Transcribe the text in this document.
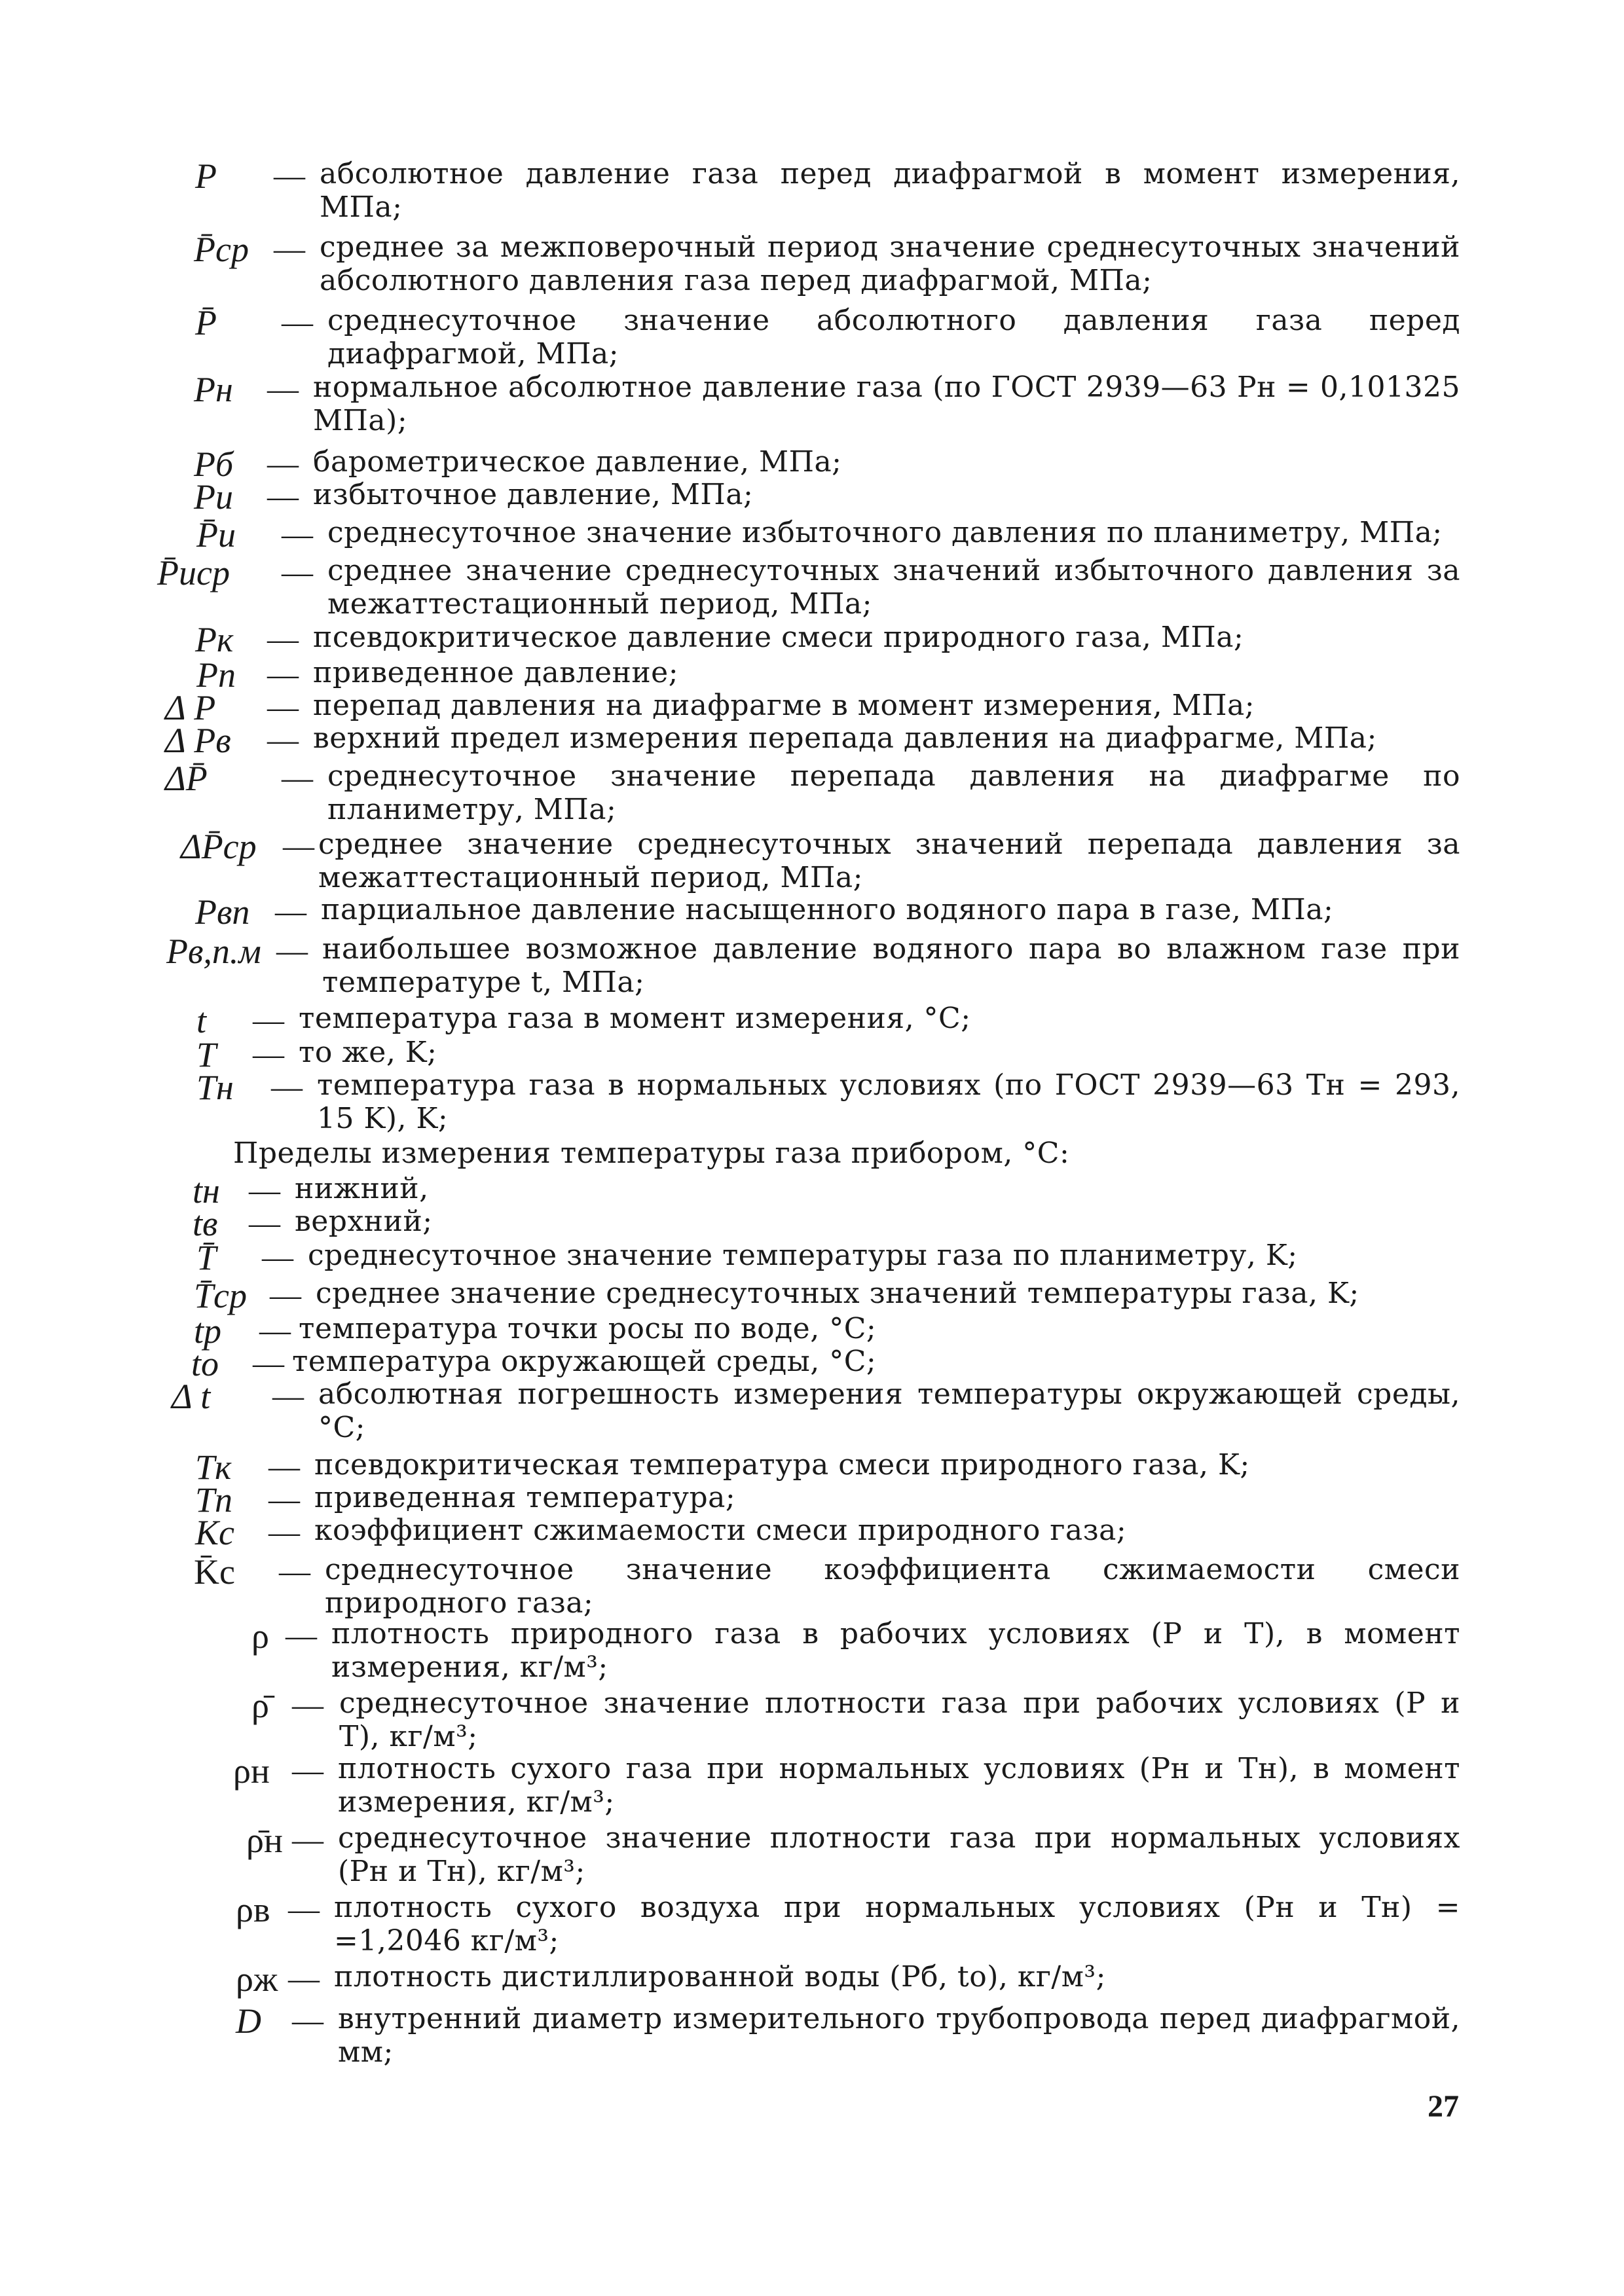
P — абсолютное давление газа перед диафрагмой в момент измерения, МПа;
P̄ср — среднее за межповерочный период значение среднесуточных значений абсолютного давления газа перед диафрагмой, МПа;
P̄ — среднесуточное значение абсолютного давления газа перед диафрагмой, МПа;
Pн — нормальное абсолютное давление газа (по ГОСТ 2939—63 Pн = 0,101325 МПа);
Pб — барометрическое давление, МПа;
Pи — избыточное давление, МПа;
P̄и — среднесуточное значение избыточного давления по планиметру, МПа;
P̄иср — среднее значение среднесуточных значений избыточного давления за межаттестационный период, МПа;
Pк — псевдокритическое давление смеси природного газа, МПа;
Pп — приведенное давление;
Δ P — перепад давления на диафрагме в момент измерения, МПа;
Δ Pв — верхний предел измерения перепада давления на диафрагме, МПа;
ΔP̄ — среднесуточное значение перепада давления на диафрагме по планиметру, МПа;
ΔP̄ср — среднее значение среднесуточных значений перепада давления за межаттестационный период, МПа;
Pвп — парциальное давление насыщенного водяного пара в газе, МПа;
Pв,п.м — наибольшее возможное давление водяного пара во влажном газе при температуре t, МПа;
t — температура газа в момент измерения, °С;
T — то же, K;
Tн — температура газа в нормальных условиях (по ГОСТ 2939—63 Tн = 293, 15 K), K;
Пределы измерения температуры газа прибором, °С:
tн — нижний,
tв — верхний;
T̄ — среднесуточное значение температуры газа по планиметру, K;
T̄ср — среднее значение среднесуточных значений температуры газа, K;
tр — температура точки росы по воде, °С;
tо — температура окружающей среды, °С;
Δ t — абсолютная погрешность измерения температуры окружающей среды, °С;
Tк — псевдокритическая температура смеси природного газа, K;
Tп — приведенная температура;
Kс — коэффициент сжимаемости смеси природного газа;
K̄с — среднесуточное значение коэффициента сжимаемости смеси природного газа;
ρ — плотность природного газа в рабочих условиях (P и T), в момент измерения, кг/м³;
ρ̄ — среднесуточное значение плотности газа при рабочих условиях (P и T), кг/м³;
ρн — плотность сухого газа при нормальных условиях (Pн и Tн), в момент измерения, кг/м³;
ρ̄н — среднесуточное значение плотности газа при нормальных условиях (Pн и Tн), кг/м³;
ρв — плотность сухого воздуха при нормальных условиях (Pн и Tн) = =1,2046 кг/м³;
ρж — плотность дистиллированной воды (Pб, tо), кг/м³;
D — внутренний диаметр измерительного трубопровода перед диафрагмой, мм;
27
